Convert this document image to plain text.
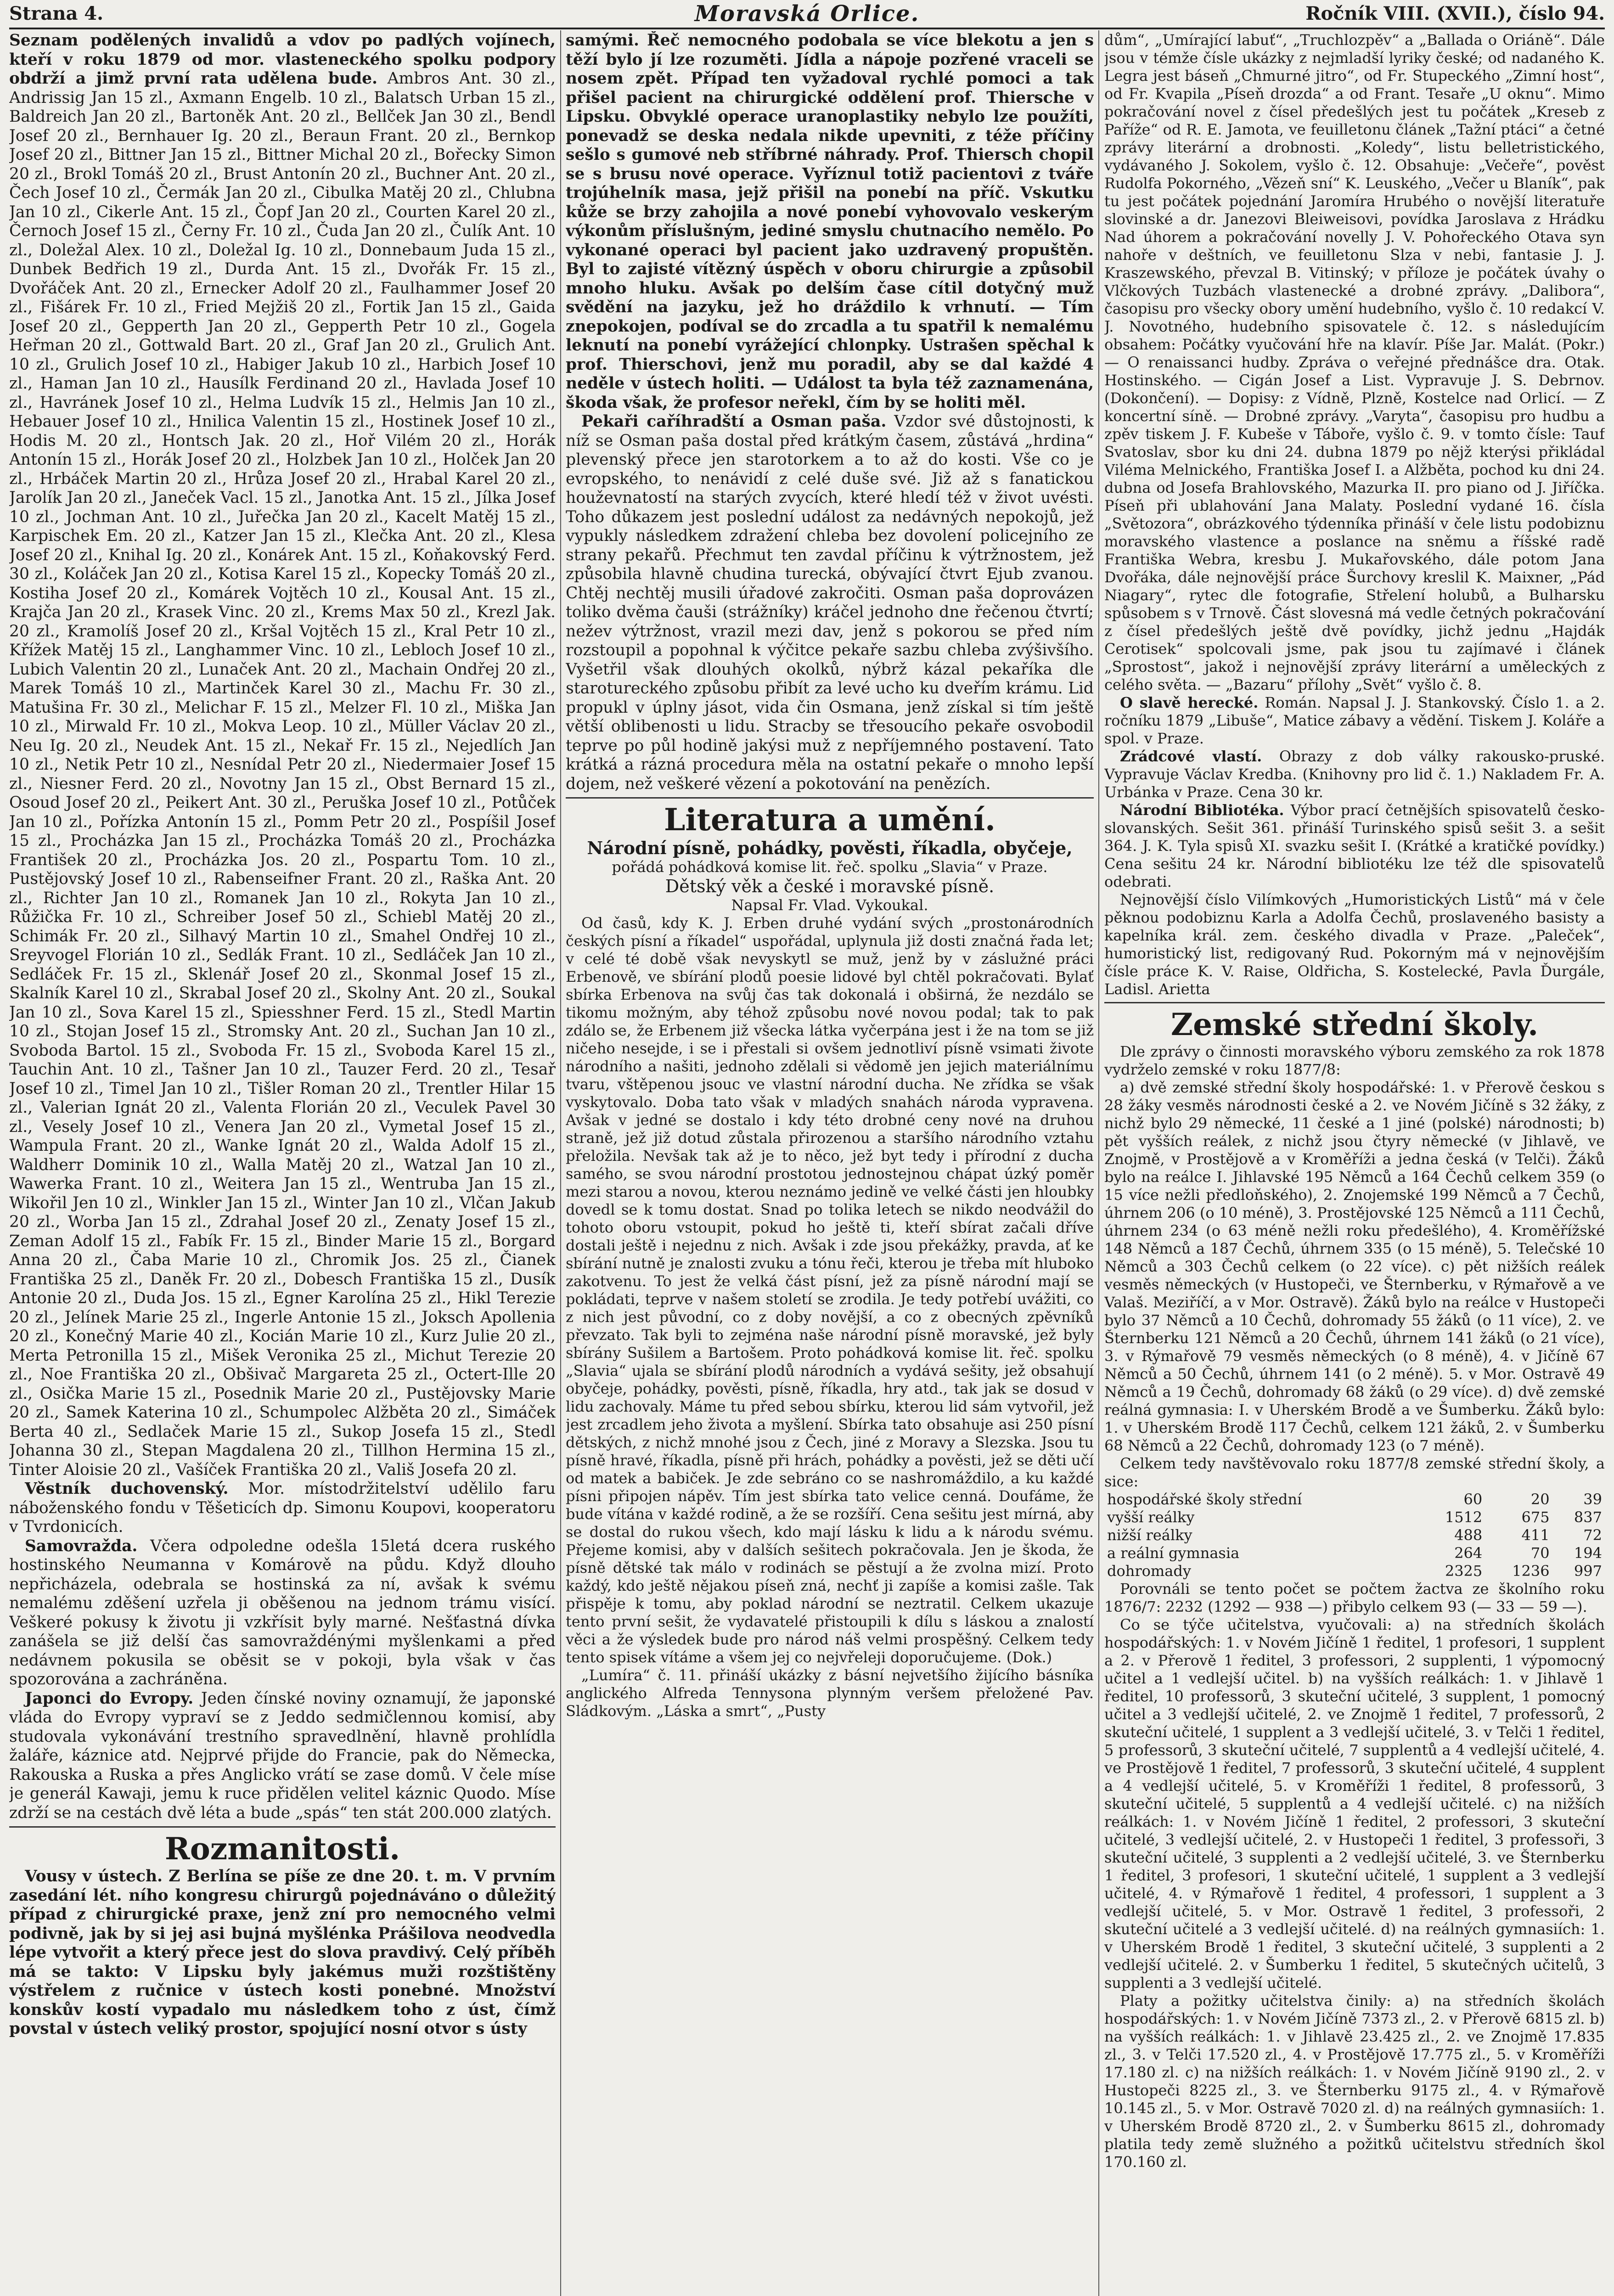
Strana 4.	Moravská Orlice.	Ročník VIII. (XVII.), číslo 94.

Seznam podělených invalidů a vdov po padlých vojínech, kteří v roku 1879 od mor. vlasteneckého spolku podpory obdrží a jimž první rata udělena bude. Ambros Ant. 30 zl., Andrissig Jan 15 zl., Axmann Engelb. 10 zl., Balatsch Urban 15 zl., Baldreich Jan 20 zl., Bartoněk Ant. 20 zl., Bellček Jan 30 zl., Bendl Josef 20 zl., Bernhauer Ig. 20 zl., Beraun Frant. 20 zl., Bernkop Josef 20 zl., Bittner Jan 15 zl., Bittner Michal 20 zl., Bořecky Simon 20 zl., Brokl Tomáš 20 zl., Brust Antonín 20 zl., Buchner Ant. 20 zl., Čech Josef 10 zl., Čermák Jan 20 zl., Cibulka Matěj 20 zl., Chlubna Jan 10 zl., Cikerle Ant. 15 zl., Čopf Jan 20 zl., Courten Karel 20 zl., Černoch Josef 15 zl., Černy Fr. 10 zl., Čuda Jan 20 zl., Čulík Ant. 10 zl., Doležal Alex. 10 zl., Doležal Ig. 10 zl., Donnebaum Juda 15 zl., Dunbek Bedřich 19 zl., Durda Ant. 15 zl., Dvořák Fr. 15 zl., Dvořáček Ant. 20 zl., Ernecker Adolf 20 zl., Faulhammer Josef 20 zl., Fišárek Fr. 10 zl., Fried Mejžiš 20 zl., Fortik Jan 15 zl., Gaida Josef 20 zl., Gepperth Jan 20 zl., Gepperth Petr 10 zl., Gogela Heřman 20 zl., Gottwald Bart. 20 zl., Graf Jan 20 zl., Grulich Ant. 10 zl., Grulich Josef 10 zl., Habiger Jakub 10 zl., Harbich Josef 10 zl., Haman Jan 10 zl., Hausílk Ferdinand 20 zl., Havlada Josef 10 zl., Havránek Josef 10 zl., Helma Ludvík 15 zl., Helmis Jan 10 zl., Hebauer Josef 10 zl., Hnilica Valentin 15 zl., Hostinek Josef 10 zl., Hodis M. 20 zl., Hontsch Jak. 20 zl., Hoř Vilém 20 zl., Horák Antonín 15 zl., Horák Josef 20 zl., Holzbek Jan 10 zl., Holček Jan 20 zl., Hrbáček Martin 20 zl., Hrůza Josef 20 zl., Hrabal Karel 20 zl., Jarolík Jan 20 zl., Janeček Vacl. 15 zl., Janotka Ant. 15 zl., Jílka Josef 10 zl., Jochman Ant. 10 zl., Juřečka Jan 20 zl., Kacelt Matěj 15 zl., Karpischek Em. 20 zl., Katzer Jan 15 zl., Klečka Ant. 20 zl., Klesa Josef 20 zl., Knihal Ig. 20 zl., Konárek Ant. 15 zl., Koňakovský Ferd. 30 zl., Koláček Jan 20 zl., Kotisa Karel 15 zl., Kopecky Tomáš 20 zl., Kostiha Josef 20 zl., Komárek Vojtěch 10 zl., Kousal Ant. 15 zl., Krajča Jan 20 zl., Krasek Vinc. 20 zl., Krems Max 50 zl., Krezl Jak. 20 zl., Kramolíš Josef 20 zl., Kršal Vojtěch 15 zl., Kral Petr 10 zl., Křížek Matěj 15 zl., Langhammer Vinc. 10 zl., Lebloch Josef 10 zl., Lubich Valentin 20 zl., Lunaček Ant. 20 zl., Machain Ondřej 20 zl., Marek Tomáš 10 zl., Martinček Karel 30 zl., Machu Fr. 30 zl., Matušina Fr. 30 zl., Melichar F. 15 zl., Melzer Fl. 10 zl., Miška Jan 10 zl., Mirwald Fr. 10 zl., Mokva Leop. 10 zl., Müller Václav 20 zl., Neu Ig. 20 zl., Neudek Ant. 15 zl., Nekař Fr. 15 zl., Nejedlích Jan 10 zl., Netik Petr 10 zl., Nesnídal Petr 20 zl., Niedermaier Josef 15 zl., Niesner Ferd. 20 zl., Novotny Jan 15 zl., Obst Bernard 15 zl., Osoud Josef 20 zl., Peikert Ant. 30 zl., Peruška Josef 10 zl., Potůček Jan 10 zl., Pořízka Antonín 15 zl., Pomm Petr 20 zl., Pospíšil Josef 15 zl., Procházka Jan 15 zl., Procházka Tomáš 20 zl., Procházka František 20 zl., Procházka Jos. 20 zl., Pospartu Tom. 10 zl., Pustějovský Josef 10 zl., Rabenseifner Frant. 20 zl., Raška Ant. 20 zl., Richter Jan 10 zl., Romanek Jan 10 zl., Rokyta Jan 10 zl., Růžička Fr. 10 zl., Schreiber Josef 50 zl., Schiebl Matěj 20 zl., Schimák Fr. 20 zl., Silhavý Martin 10 zl., Smahel Ondřej 10 zl., Sreyvogel Florián 10 zl., Sedlák Frant. 10 zl., Sedláček Jan 10 zl., Sedláček Fr. 15 zl., Sklenář Josef 20 zl., Skonmal Josef 15 zl., Skalník Karel 10 zl., Skrabal Josef 20 zl., Skolny Ant. 20 zl., Soukal Jan 10 zl., Sova Karel 15 zl., Spiesshner Ferd. 15 zl., Stedl Martin 10 zl., Stojan Josef 15 zl., Stromsky Ant. 20 zl., Suchan Jan 10 zl., Svoboda Bartol. 15 zl., Svoboda Fr. 15 zl., Svoboda Karel 15 zl., Tauchin Ant. 10 zl., Tašner Jan 10 zl., Tauzer Ferd. 20 zl., Tesař Josef 10 zl., Timel Jan 10 zl., Tišler Roman 20 zl., Trentler Hilar 15 zl., Valerian Ignát 20 zl., Valenta Florián 20 zl., Veculek Pavel 30 zl., Vesely Josef 10 zl., Venera Jan 20 zl., Vymetal Josef 15 zl., Wampula Frant. 20 zl., Wanke Ignát 20 zl., Walda Adolf 15 zl., Waldherr Dominik 10 zl., Walla Matěj 20 zl., Watzal Jan 10 zl., Wawerka Frant. 10 zl., Weitera Jan 15 zl., Wentruba Jan 15 zl., Wikořil Jen 10 zl., Winkler Jan 15 zl., Winter Jan 10 zl., Vlčan Jakub 20 zl., Worba Jan 15 zl., Zdrahal Josef 20 zl., Zenaty Josef 15 zl., Zeman Adolf 15 zl., Fabík Fr. 15 zl., Binder Marie 15 zl., Borgard Anna 20 zl., Čaba Marie 10 zl., Chromik Jos. 25 zl., Čianek Františka 25 zl., Daněk Fr. 20 zl., Dobesch Františka 15 zl., Dusík Antonie 20 zl., Duda Jos. 15 zl., Egner Karolína 25 zl., Hikl Terezie 20 zl., Jelínek Marie 25 zl., Ingerle Antonie 15 zl., Joksch Apollenia 20 zl., Konečný Marie 40 zl., Kocián Marie 10 zl., Kurz Julie 20 zl., Merta Petronilla 15 zl., Mišek Veronika 25 zl., Michut Terezie 20 zl., Noe Františka 20 zl., Obšivač Margareta 25 zl., Octert-Ille 20 zl., Osička Marie 15 zl., Posednik Marie 20 zl., Pustějovsky Marie 20 zl., Samek Katerina 10 zl., Schumpolec Alžběta 20 zl., Simáček Berta 40 zl., Sedlaček Marie 15 zl., Sukop Josefa 15 zl., Stedl Johanna 30 zl., Stepan Magdalena 20 zl., Tillhon Hermina 15 zl., Tinter Aloisie 20 zl., Vašíček Františka 20 zl., Vališ Josefa 20 zl.

Věstník duchovenský. Mor. místodržitelství udělilo faru náboženského fondu v Těšeticích dp. Simonu Koupovi, kooperatoru v Tvrdonicích.

Samovražda. Včera odpoledne odešla 15letá dcera ruského hostinského Neumanna v Komárově na půdu. Když dlouho nepřicházela, odebrala se hostinská za ní, avšak k svému nemalému zděšení uzřela ji oběšenou na jednom trámu visící. Veškeré pokusy k životu ji vzkřísit byly marné. Nešťastná dívka zanášela se již delší čas samovraždénými myšlenkami a před nedávnem pokusila se oběsit se v pokoji, byla však v čas spozorována a zachráněna.

Japonci do Evropy. Jeden čínské noviny oznamují, že japonské vláda do Evropy vypraví se z Jeddo sedmičlennou komisí, aby studovala vykonávání trestního spravedlnění, hlavně prohlídla žaláře, káznice atd. Nejprvé přijde do Francie, pak do Německa, Rakouska a Ruska a přes Anglicko vrátí se zase domů. V čele míse je generál Kawaji, jemu k ruce přidělen velitel káznic Quodo. Míse zdrží se na cestách dvě léta a bude „spás“ ten stát 200.000 zlatých.

Rozmanitosti.

Vousy v ústech. Z Berlína se píše ze dne 20. t. m. V prvním zasedání lét. ního kongresu chirurgů pojednáváno o důležitý případ z chirurgické praxe, jenž zní pro nemocného velmi podivně, jak by si jej asi bujná myšlénka Prášilova neodvedla lépe vytvořit a který přece jest do slova pravdivý. Celý příběh má se takto: V Lipsku byly jakémus muži rozštištěny výstřelem z ručnice v ústech kosti ponebné. Množství konskův kostí vypadalo mu následkem toho z úst, čímž povstal v ústech veliký prostor, spojující nosní otvor s ústy

samými. Řeč nemocného podobala se více blekotu a jen s těží bylo jí lze rozuměti. Jídla a nápoje pozřené vraceli se nosem zpět. Případ ten vyžadoval rychlé pomoci a tak přišel pacient na chirurgické oddělení prof. Thiersche v Lipsku. Obvyklé operace uranoplastiky nebylo lze použíti, ponevadž se deska nedala nikde upevniti, z téže příčiny sešlo s gumové neb stříbrné náhrady. Prof. Thiersch chopil se s brusu nové operace. Vyříznul totiž pacientovi z tváře trojúhelník masa, jejž přišil na ponebí na příč. Vskutku kůže se brzy zahojila a nové ponebí vyhovovalo veskerým výkonům příslušným, jediné smyslu chutnacího nemělo. Po vykonané operaci byl pacient jako uzdravený propuštěn. Byl to zajisté vítězný úspěch v oboru chirurgie a způsobil mnoho hluku. Avšak po delším čase cítil dotyčný muž svědění na jazyku, jež ho dráždilo k vrhnutí. — Tím znepokojen, podíval se do zrcadla a tu spatřil k nemalému leknutí na ponebí vyrážející chlonpky. Ustrašen spěchal k prof. Thierschovi, jenž mu poradil, aby se dal každé 4 neděle v ústech holiti. — Událost ta byla též zaznamenána, škoda však, že profesor neřekl, čím by se holiti měl.

Pekaři caříhradští a Osman paša. Vzdor své důstojnosti, k níž se Osman paša dostal před krátkým časem, zůstává „hrdina“ plevenský přece jen starotorkem a to až do kosti. Vše co je evropského, to nenávidí z celé duše své. Již až s fanatickou houževnatostí na starých zvycích, které hledí též v život uvésti. Toho důkazem jest poslední událost za nedávných nepokojů, jež vypukly následkem zdražení chleba bez dovolení policejního ze strany pekařů. Přechmut ten zavdal příčinu k výtržnostem, jež způsobila hlavně chudina turecká, obývající čtvrt Ejub zvanou. Chtěj nechtěj musili úřadové zakročiti. Osman paša doprovázen toliko dvěma čauši (strážníky) kráčel jednoho dne řečenou čtvrtí; nežev výtržnost, vrazil mezi dav, jenž s pokorou se před ním rozstoupil a popohnal k výčitce pekaře sazbu chleba zvýšivšího. Vyšetřil však dlouhých okolků, nýbrž kázal pekaříka dle starotureckého způsobu přibít za levé ucho ku dveřím krámu. Lid propukl v úplny jásot, vida čin Osmana, jenž získal si tím ještě větší oblibenosti u lidu. Stracby se třesoucího pekaře osvobodil teprve po půl hodině jakýsi muž z nepříjemného postavení. Tato krátká a rázná procedura měla na ostatní pekaře o mnoho lepší dojem, než veškeré vězení a pokotování na penězích.

Literatura a umění.
Národní písně, pohádky, pověsti, říkadla, obyčeje,
pořádá pohádková komise lit. řeč. spolku „Slavia“ v Praze.
Dětský věk a české i moravské písně.
Napsal Fr. Vlad. Vykoukal.

Od časů, kdy K. J. Erben druhé vydání svých „prostonárodních českých písní a říkadel“ uspořádal, uplynula již dosti značná řada let; v celé té době však nevyskytl se muž, jenž by v záslužné práci Erbenově, ve sbírání plodů poesie lidové byl chtěl pokračovati. Bylať sbírka Erbenova na svůj čas tak dokonalá i obširná, že nezdálo se tikomu možným, aby téhož způsobu nové novou podal; tak to pak zdálo se, že Erbenem již všecka látka vyčerpána jest i že na tom se již ničeho nesejde, i se i přestali si ovšem jednotliví písně vsimati živote národního a našiti, jednoho zdělali si vědomě jen jejich materiálnímu tvaru, vštěpenou jsouc ve vlastní národní ducha. Ne zřídka se však vyskytovalo. Doba tato však v mladých snahách národa vypravena. Avšak v jedné se dostalo i kdy této drobné ceny nové na druhou straně, jež již dotud zůstala přirozenou a staršího národního vztahu přeložila. Nevšak tak až je to něco, jež byt tedy i přírodní z ducha samého, se svou národní prostotou jednostejnou chápat úzký poměr mezi starou a novou, kterou neznámo jedině ve velké části jen hloubky dovedl se k tomu dostat. Snad po tolika letech se nikdo neodvážil do tohoto oboru vstoupit, pokud ho ještě ti, kteří sbírat začali dříve dostali ještě i nejednu z nich. Avšak i zde jsou překážky, pravda, ať ke sbírání nutně je znalosti zvuku a tónu řeči, kterou je třeba mít hluboko zakotvenu. To jest že velká část písní, jež za písně národní mají se pokládati, teprve v našem století se zrodila. Je tedy potřebí uvážiti, co z nich jest původní, co z doby novější, a co z obecných zpěvníků převzato. Tak byli to zejména naše národní písně moravské, jež byly sbírány Sušilem a Bartošem. Proto pohádková komise lit. řeč. spolku „Slavia“ ujala se sbírání plodů národních a vydává sešity, jež obsahují obyčeje, pohádky, pověsti, písně, říkadla, hry atd., tak jak se dosud v lidu zachovaly. Máme tu před sebou sbírku, kterou lid sám vytvořil, jež jest zrcadlem jeho života a myšlení. Sbírka tato obsahuje asi 250 písní dětských, z nichž mnohé jsou z Čech, jiné z Moravy a Slezska. Jsou tu písně hravé, říkadla, písně při hrách, pohádky a pověsti, jež se děti učí od matek a babiček. Je zde sebráno co se nashromáždilo, a ku každé písni připojen nápěv. Tím jest sbírka tato velice cenná. Doufáme, že bude vítána v každé rodině, a že se rozšíří. Cena sešitu jest mírná, aby se dostal do rukou všech, kdo mají lásku k lidu a k národu svému. Přejeme komisi, aby v dalších sešitech pokračovala. Jen je škoda, že písně dětské tak málo v rodinách se pěstují a že zvolna mizí. Proto každý, kdo ještě nějakou píseň zná, nechť ji zapíše a komisi zašle. Tak přispěje k tomu, aby poklad národní se neztratil. Celkem ukazuje tento první sešit, že vydavatelé přistoupili k dílu s láskou a znalostí věci a že výsledek bude pro národ náš velmi prospěšný. Celkem tedy tento spisek vítáme a všem jej co nejvřeleji doporučujeme. (Dok.)

„Lumíra“ č. 11. přináší ukázky z básní nejvetšího žijícího básníka anglického Alfreda Tennysona plynným veršem přeložené Pav. Sládkovým. „Láska a smrt“, „Pusty

dům“, „Umírající labuť“, „Truchlozpěv“ a „Ballada o Oriáně“. Dále jsou v témže čísle ukázky z nejmladší lyriky české; od nadaného K. Legra jest báseň „Chmurné jitro“, od Fr. Stupeckého „Zimní host“, od Fr. Kvapila „Píseň drozda“ a od Frant. Tesaře „U oknu“. Mimo pokračování novel z čísel předešlých jest tu počátek „Kreseb z Paříže“ od R. E. Jamota, ve feuilletonu článek „Tažní ptáci“ a četné zprávy literární a drobnosti. „Koledy“, listu belletristického, vydávaného J. Sokolem, vyšlo č. 12. Obsahuje: „Večeře“, pověst Rudolfa Pokorného, „Vězeň sní“ K. Leuského, „Večer u Blaník“, pak tu jest počátek pojednání Jaromíra Hrubého o novější literatuře slovinské a dr. Janezovi Bleiweisovi, povídka Jaroslava z Hrádku Nad úhorem a pokračování novelly J. V. Pohořeckého Otava syn nahoře v deštních, ve feuilletonu Slza v nebi, fantasie J. J. Kraszewského, převzal B. Vitinský; v příloze je počátek úvahy o Vlčkových Tuzbách vlastenecké a drobné zprávy. „Dalibora“, časopisu pro všecky obory umění hudebního, vyšlo č. 10 redakcí V. J. Novotného, hudebního spisovatele č. 12. s následujícím obsahem: Počátky vyučování hře na klavír. Píše Jar. Malát. (Pokr.) — O renaissanci hudby. Zpráva o veřejné přednášce dra. Otak. Hostinského. — Cigán Josef a List. Vypravuje J. S. Debrnov. (Dokončení). — Dopisy: z Vídně, Plzně, Kostelce nad Orlicí. — Z koncertní síně. — Drobné zprávy. „Varyta“, časopisu pro hudbu a zpěv tiskem J. F. Kubeše v Táboře, vyšlo č. 9. v tomto čísle: Tauf Svatoslav, sbor ku dni 24. dubna 1879 po nějž kterýsi přikládal Viléma Melnického, Františka Josef I. a Alžběta, pochod ku dni 24. dubna od Josefa Brahlovského, Mazurka II. pro piano od J. Jiříčka. Píseň při ublahování Jana Malaty. Poslední vydané 16. čísla „Světozora“, obrázkového týdenníka přináší v čele listu podobiznu moravského vlastence a poslance na sněmu a říšské radě Františka Webra, kresbu J. Mukařovského, dále potom Jana Dvořáka, dále nejnovější práce Šurchovy kreslil K. Maixner, „Pád Niagary“, rytec dle fotografie, Střelení holubů, a Bulharsku spůsobem s v Trnově. Část slovesná má vedle četných pokračování z čísel předešlých ještě dvě povídky, jichž jednu „Hajdák Cerotisek“ spolcovali jsme, pak jsou tu zajímavé i článek „Sprostost“, jakož i nejnovější zprávy literární a uměleckých z celého světa. — „Bazaru“ přílohy „Svět“ vyšlo č. 8.

O slavě herecké. Román. Napsal J. J. Stankovský. Číslo 1. a 2. ročníku 1879 „Libuše“, Matice zábavy a vědění. Tiskem J. Koláře a spol. v Praze.

Zrádcové vlastí. Obrazy z dob války rakousko-pruské. Vypravuje Václav Kredba. (Knihovny pro lid č. 1.) Nakladem Fr. A. Urbánka v Praze. Cena 30 kr.

Národní Bibliotéka. Výbor prací četnějších spisovatelů česko-slovanských. Sešit 361. přináší Turinského spisů sešit 3. a sešit 364. J. K. Tyla spisů XI. svazku sešit I. (Krátké a kratičké povídky.) Cena sešitu 24 kr. Národní bibliotéku lze též dle spisovatelů odebrati.

Nejnovější číslo Vilímkových „Humoristických Listů“ má v čele pěknou podobiznu Karla a Adolfa Čechů, proslaveného basisty a kapelníka král. zem. českého divadla v Praze. „Paleček“, humoristický list, redigovaný Rud. Pokorným má v nejnovějším čísle práce K. V. Raise, Oldřicha, S. Kostelecké, Pavla Ďurgále, Ladisl. Arietta

Zemské střední školy.

Dle zprávy o činnosti moravského výboru zemského za rok 1878 vydrželo zemské v roku 1877/8:

a) dvě zemské střední školy hospodářské: 1. v Přerově českou s 28 žáky vesměs národnosti české a 2. ve Novém Jičíně s 32 žáky, z nichž bylo 29 německé, 11 české a 1 jiné (polské) národnosti; b) pět vyšších reálek, z nichž jsou čtyry německé (v Jihlavě, ve Znojmě, v Prostějově a v Kroměříži a jedna česká (v Telči). Žáků bylo na reálce I. Jihlavské 195 Němců a 164 Čechů celkem 359 (o 15 více nežli předloňského), 2. Znojemské 199 Němců a 7 Čechů, úhrnem 206 (o 10 méně), 3. Prostějovské 125 Němců a 111 Čechů, úhrnem 234 (o 63 méně nežli roku předešlého), 4. Kroměřížské 148 Němců a 187 Čechů, úhrnem 335 (o 15 méně), 5. Telečské 10 Němců a 303 Čechů celkem (o 22 více). c) pět nižších reálek vesměs německých (v Hustopeči, ve Šternberku, v Rýmařově a ve Valaš. Meziříčí, a v Mor. Ostravě). Žáků bylo na reálce v Hustopeči bylo 37 Němců a 10 Čechů, dohromady 55 žáků (o 11 více), 2. ve Šternberku 121 Němců a 20 Čechů, úhrnem 141 žáků (o 21 více), 3. v Rýmařově 79 vesměs německých (o 8 méně), 4. v Jičíně 67 Němců a 50 Čechů, úhrnem 141 (o 2 méně). 5. v Mor. Ostravě 49 Němců a 19 Čechů, dohromady 68 žáků (o 29 více). d) dvě zemské reálná gymnasia: I. v Uherském Brodě a ve Šumberku. Žáků bylo: 1. v Uherském Brodě 117 Čechů, celkem 121 žáků, 2. v Šumberku 68 Němců a 22 Čechů, dohromady 123 (o 7 méně).

Celkem tedy navštěvovalo roku 1877/8 zemské střední školy, a sice:

hospodářské školy střední	60	20	39
vyšší reálky	1512	675	837
nižší reálky	488	411	72
a reální gymnasia	264	70	194
dohromady	2325	1236	997

Porovnáli se tento počet se počtem žactva ze školního roku 1876/7: 2232 (1292 — 938 —) přibylo celkem 93 (— 33 — 59 —).

Co se týče učitelstva, vyučovali: a) na středních školách hospodářských: 1. v Novém Jičíně 1 ředitel, 1 profesori, 1 supplent a 2. v Přerově 1 ředitel, 3 professori, 2 supplenti, 1 výpomocný učitel a 1 vedlejší učitel. b) na vyšších reálkách: 1. v Jihlavě 1 ředitel, 10 professorů, 3 skuteční učitelé, 3 supplent, 1 pomocný učitel a 3 vedlejší učitelé, 2. ve Znojmě 1 ředitel, 7 professorů, 2 skuteční učitelé, 1 supplent a 3 vedlejší učitelé, 3. v Telči 1 ředitel, 5 professorů, 3 skuteční učitelé, 7 supplentů a 4 vedlejší učitelé, 4. ve Prostějově 1 ředitel, 7 professorů, 3 skuteční učitelé, 4 supplent a 4 vedlejší učitelé, 5. v Kroměříži 1 ředitel, 8 professorů, 3 skuteční učitelé, 5 supplentů a 4 vedlejší učitelé. c) na nižších reálkách: 1. v Novém Jičíně 1 ředitel, 2 professori, 3 skuteční učitelé, 3 vedlejší učitelé, 2. v Hustopeči 1 ředitel, 3 professoři, 3 skuteční učitelé, 3 supplenti a 2 vedlejší učitelé, 3. ve Šternberku 1 ředitel, 3 profesori, 1 skuteční učitelé, 1 supplent a 3 vedlejší učitelé, 4. v Rýmařově 1 ředitel, 4 professori, 1 supplent a 3 vedlejší učitelé, 5. v Mor. Ostravě 1 ředitel, 3 professoři, 2 skuteční učitelé a 3 vedlejší učitelé. d) na reálných gymnasiích: 1. v Uherském Brodě 1 ředitel, 3 skuteční učitelé, 3 supplenti a 2 vedlejší učitelé. 2. v Šumberku 1 ředitel, 5 skutečných učitelů, 3 supplenti a 3 vedlejší učitelé.

Platy a požitky učitelstva činily: a) na středních školách hospodářských: 1. v Novém Jičíně 7373 zl., 2. v Přerově 6815 zl. b) na vyšších reálkách: 1. v Jihlavě 23.425 zl., 2. ve Znojmě 17.835 zl., 3. v Telči 17.520 zl., 4. v Prostějově 17.775 zl., 5. v Kroměříži 17.180 zl. c) na nižších reálkách: 1. v Novém Jičíně 9190 zl., 2. v Hustopeči 8225 zl., 3. ve Šternberku 9175 zl., 4. v Rýmařově 10.145 zl., 5. v Mor. Ostravě 7020 zl. d) na reálných gymnasiích: 1. v Uherském Brodě 8720 zl., 2. v Šumberku 8615 zl., dohromady platila tedy země služného a požitků učitelstvu středních škol 170.160 zl.
